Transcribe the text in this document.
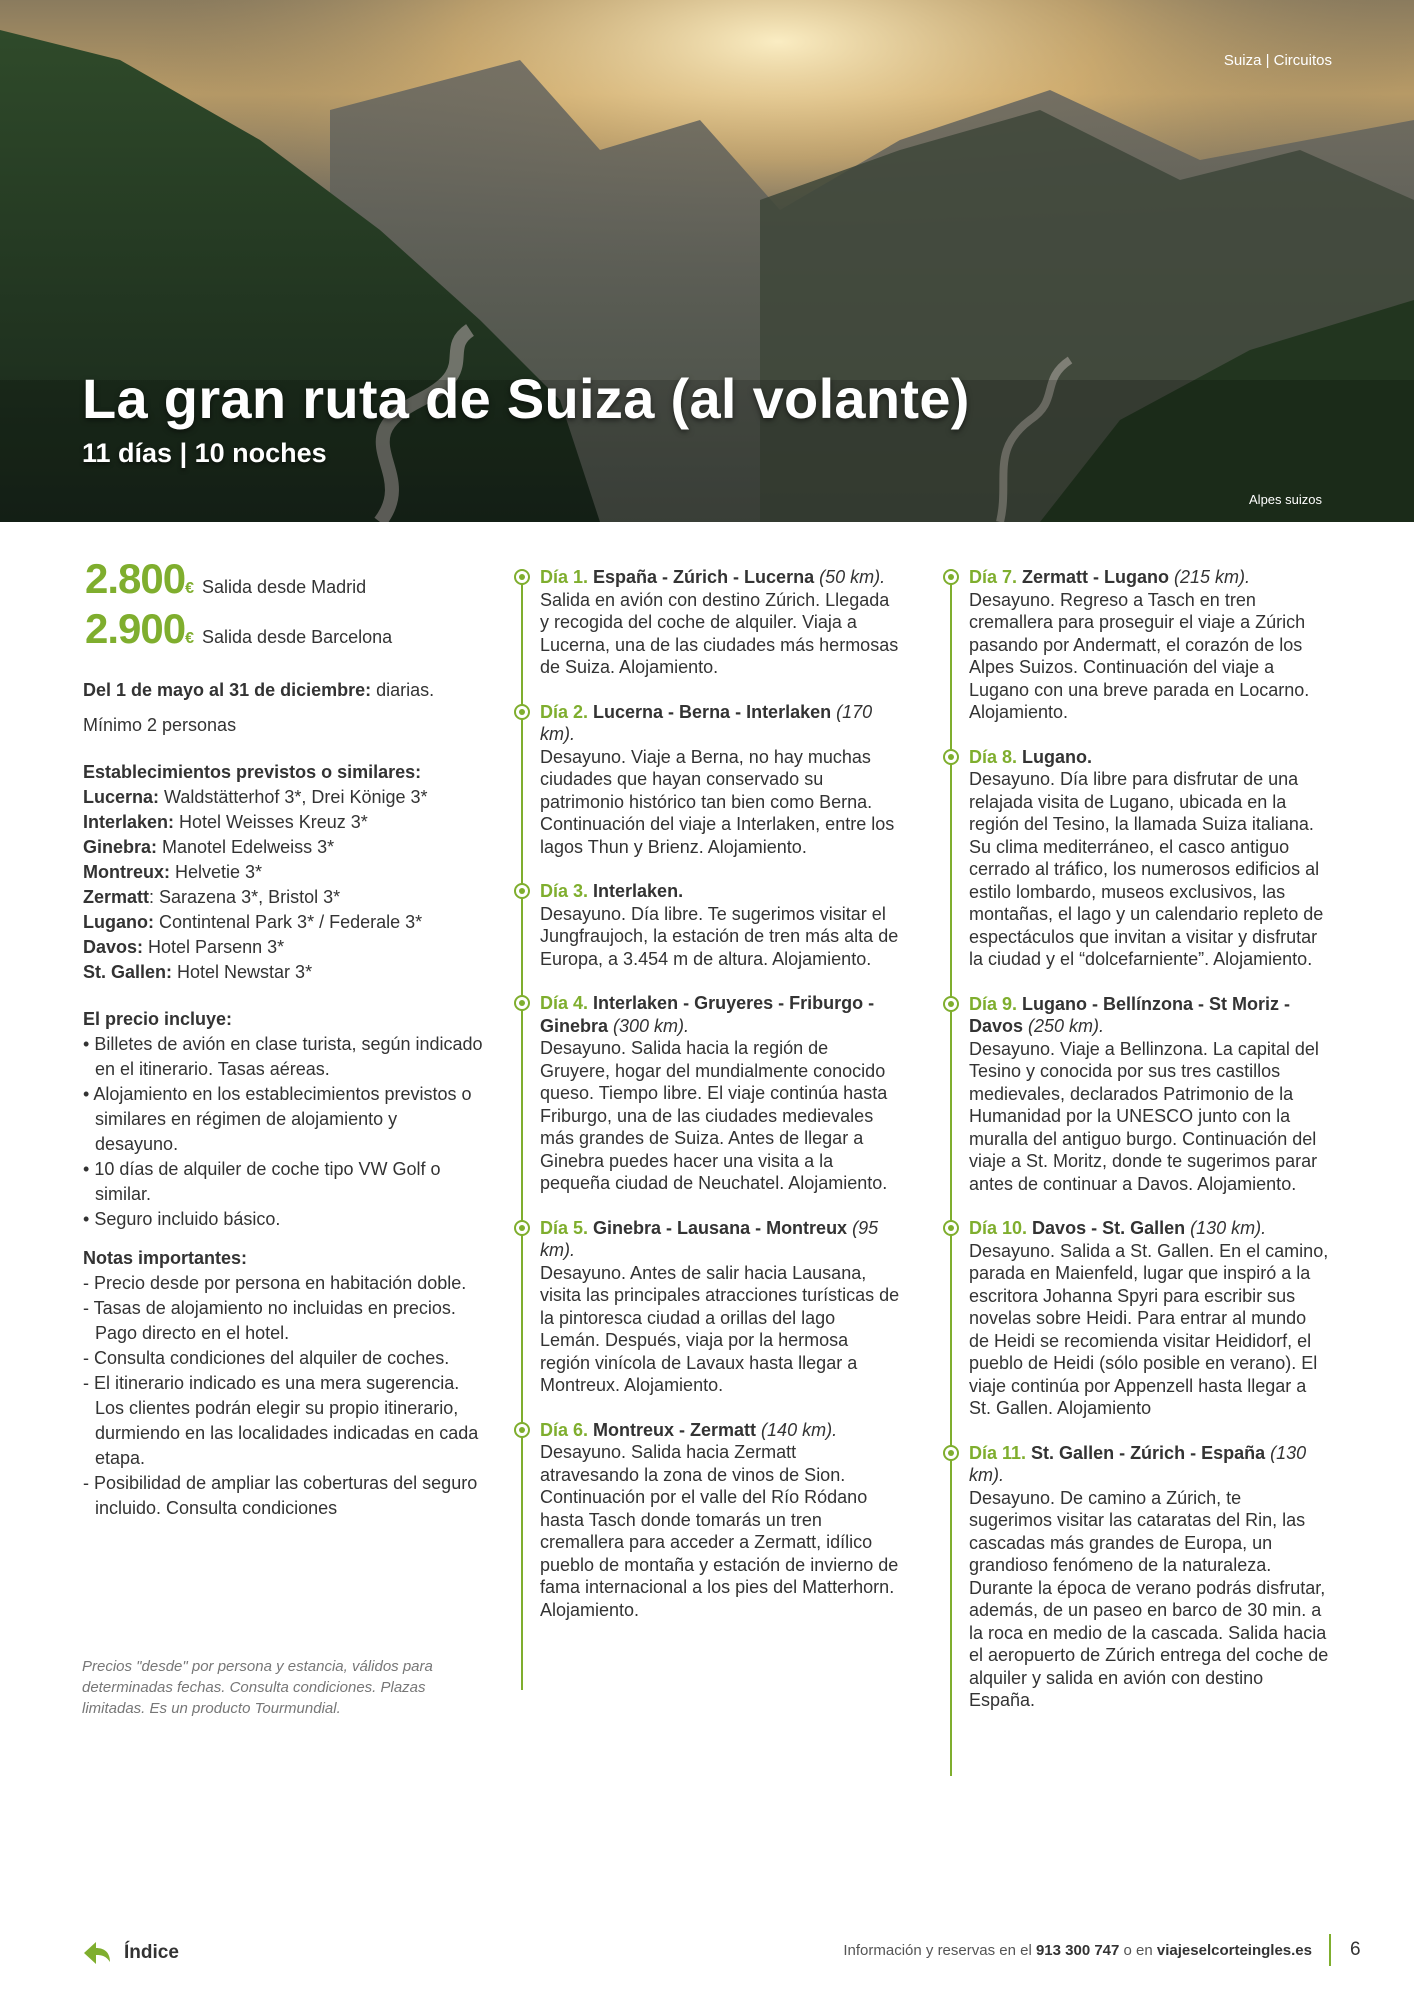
Suiza | Circuitos
La gran ruta de Suiza (al volante)
11 días | 10 noches
Alpes suizos
2.800 € Salida desde Madrid
2.900 € Salida desde Barcelona
Del 1 de mayo al 31 de diciembre: diarias.
Mínimo 2 personas
Establecimientos previstos o similares:
Lucerna: Waldstätterhof 3*, Drei Könige 3*
Interlaken: Hotel Weisses Kreuz 3*
Ginebra: Manotel Edelweiss 3*
Montreux: Helvetie 3*
Zermatt: Sarazena 3*, Bristol 3*
Lugano: Contintenal Park 3* / Federale 3*
Davos: Hotel Parsenn 3*
St. Gallen: Hotel Newstar 3*
El precio incluye:
• Billetes de avión en clase turista, según indicado en el itinerario. Tasas aéreas.
• Alojamiento en los establecimientos previstos o similares en régimen de alojamiento y desayuno.
• 10 días de alquiler de coche tipo VW Golf o similar.
• Seguro incluido básico.
Notas importantes:
- Precio desde por persona en habitación doble.
- Tasas de alojamiento no incluidas en precios. Pago directo en el hotel.
- Consulta condiciones del alquiler de coches.
- El itinerario indicado es una mera sugerencia. Los clientes podrán elegir su propio itinerario, durmiendo en las localidades indicadas en cada etapa.
- Posibilidad de ampliar las coberturas del seguro incluido. Consulta condiciones
Precios "desde" por persona y estancia, válidos para determinadas fechas. Consulta condiciones. Plazas limitadas. Es un producto Tourmundial.
Día 1. España - Zúrich - Lucerna (50 km).
Salida en avión con destino Zúrich. Llegada y recogida del coche de alquiler. Viaja a Lucerna, una de las ciudades más hermosas de Suiza. Alojamiento.
Día 2. Lucerna - Berna - Interlaken (170 km).
Desayuno. Viaje a Berna, no hay muchas ciudades que hayan conservado su patrimonio histórico tan bien como Berna. Continuación del viaje a Interlaken, entre los lagos Thun y Brienz. Alojamiento.
Día 3. Interlaken.
Desayuno. Día libre. Te sugerimos visitar el Jungfraujoch, la estación de tren más alta de Europa, a 3.454 m de altura. Alojamiento.
Día 4. Interlaken - Gruyeres - Friburgo - Ginebra (300 km).
Desayuno. Salida hacia la región de Gruyere, hogar del mundialmente conocido queso. Tiempo libre. El viaje continúa hasta Friburgo, una de las ciudades medievales más grandes de Suiza. Antes de llegar a Ginebra puedes hacer una visita a la pequeña ciudad de Neuchatel. Alojamiento.
Día 5. Ginebra - Lausana - Montreux (95 km).
Desayuno. Antes de salir hacia Lausana, visita las principales atracciones turísticas de la pintoresca ciudad a orillas del lago Lemán. Después, viaja por la hermosa región vinícola de Lavaux hasta llegar a Montreux. Alojamiento.
Día 6. Montreux - Zermatt (140 km).
Desayuno. Salida hacia Zermatt atravesando la zona de vinos de Sion. Continuación por el valle del Río Ródano hasta Tasch donde tomarás un tren cremallera para acceder a Zermatt, idílico pueblo de montaña y estación de invierno de fama internacional a los pies del Matterhorn. Alojamiento.
Día 7. Zermatt - Lugano (215 km).
Desayuno. Regreso a Tasch en tren cremallera para proseguir el viaje a Zúrich pasando por Andermatt, el corazón de los Alpes Suizos. Continuación del viaje a Lugano con una breve parada en Locarno. Alojamiento.
Día 8. Lugano.
Desayuno. Día libre para disfrutar de una relajada visita de Lugano, ubicada en la región del Tesino, la llamada Suiza italiana. Su clima mediterráneo, el casco antiguo cerrado al tráfico, los numerosos edificios al estilo lombardo, museos exclusivos, las montañas, el lago y un calendario repleto de espectáculos que invitan a visitar y disfrutar la ciudad y el “dolcefarniente”. Alojamiento.
Día 9. Lugano - Bellínzona - St Moriz - Davos (250 km).
Desayuno. Viaje a Bellinzona. La capital del Tesino y conocida por sus tres castillos medievales, declarados Patrimonio de la Humanidad por la UNESCO junto con la muralla del antiguo burgo. Continuación del viaje a St. Moritz, donde te sugerimos parar antes de continuar a Davos. Alojamiento.
Día 10. Davos - St. Gallen (130 km).
Desayuno. Salida a St. Gallen. En el camino, parada en Maienfeld, lugar que inspiró a la escritora Johanna Spyri para escribir sus novelas sobre Heidi. Para entrar al mundo de Heidi se recomienda visitar Heididorf, el pueblo de Heidi (sólo posible en verano). El viaje continúa por Appenzell hasta llegar a St. Gallen. Alojamiento
Día 11. St. Gallen - Zúrich - España (130 km).
Desayuno. De camino a Zúrich, te sugerimos visitar las cataratas del Rin, las cascadas más grandes de Europa, un grandioso fenómeno de la naturaleza. Durante la época de verano podrás disfrutar, además, de un paseo en barco de 30 min. a la roca en medio de la cascada. Salida hacia el aeropuerto de Zúrich entrega del coche de alquiler y salida en avión con destino España.
Índice	Información y reservas en el 913 300 747 o en viajeselcorteingles.es 6
